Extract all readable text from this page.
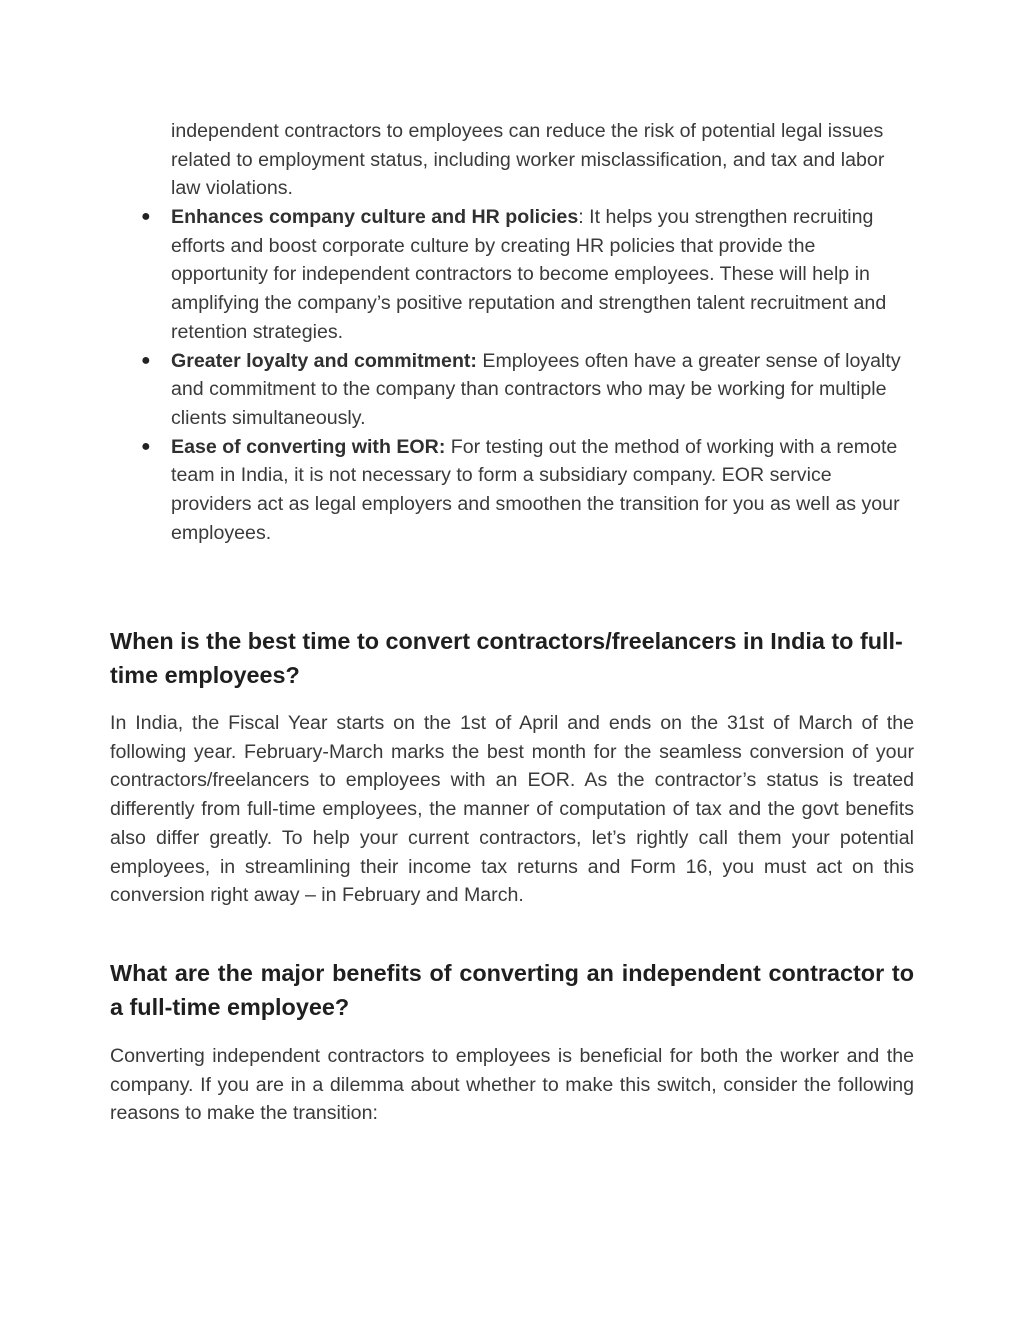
independent contractors to employees can reduce the risk of potential legal issues related to employment status, including worker misclassification, and tax and labor law violations.

● Enhances company culture and HR policies: It helps you strengthen recruiting efforts and boost corporate culture by creating HR policies that provide the opportunity for independent contractors to become employees. These will help in amplifying the company’s positive reputation and strengthen talent recruitment and retention strategies.
● Greater loyalty and commitment: Employees often have a greater sense of loyalty and commitment to the company than contractors who may be working for multiple clients simultaneously.
● Ease of converting with EOR: For testing out the method of working with a remote team in India, it is not necessary to form a subsidiary company. EOR service providers act as legal employers and smoothen the transition for you as well as your employees.
When is the best time to convert contractors/freelancers in India to full-time employees?

In India, the Fiscal Year starts on the 1st of April and ends on the 31st of March of the following year. February-March marks the best month for the seamless conversion of your contractors/freelancers to employees with an EOR. As the contractor’s status is treated differently from full-time employees, the manner of computation of tax and the govt benefits also differ greatly. To help your current contractors, let’s rightly call them your potential employees, in streamlining their income tax returns and Form 16, you must act on this conversion right away – in February and March.

What are the major benefits of converting an independent contractor to a full-time employee?

Converting independent contractors to employees is beneficial for both the worker and the company. If you are in a dilemma about whether to make this switch, consider the following reasons to make the transition:
